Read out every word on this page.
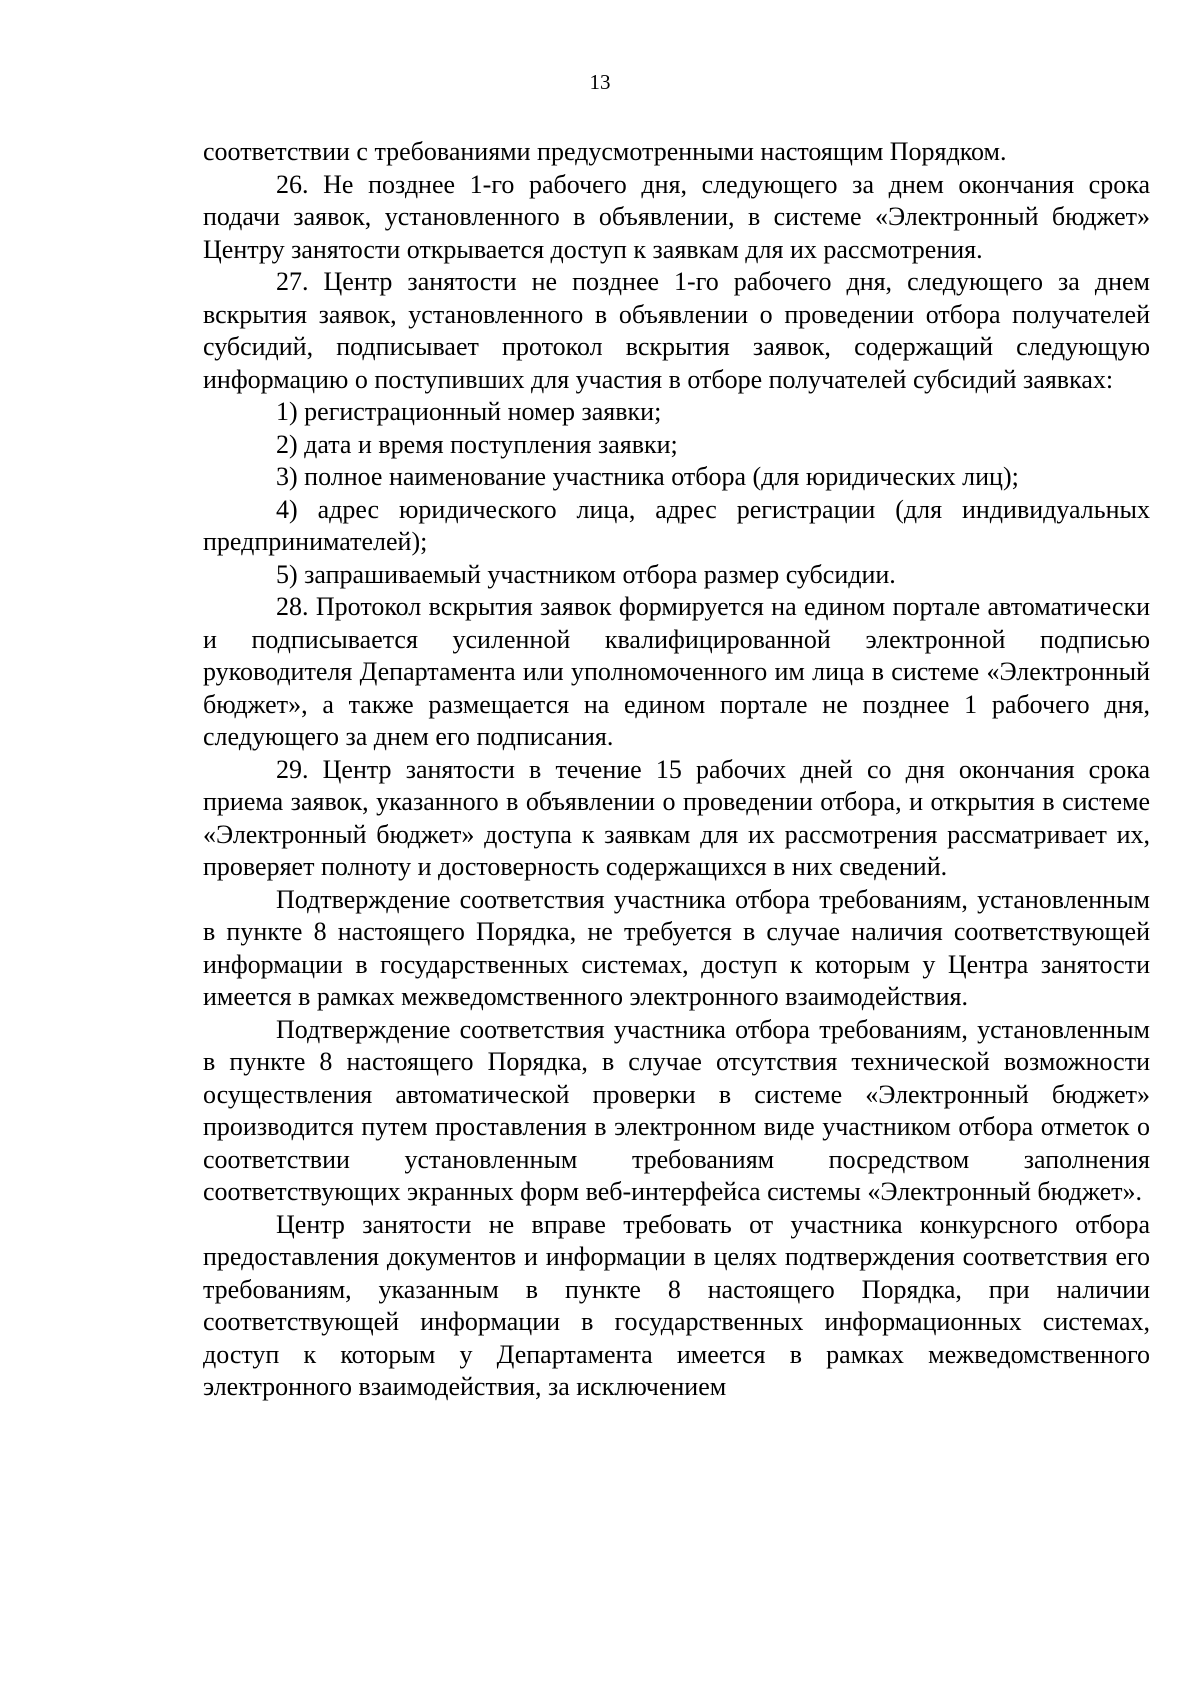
13

соответствии с требованиями предусмотренными настоящим Порядком.

26. Не позднее 1-го рабочего дня, следующего за днем окончания срока подачи заявок, установленного в объявлении, в системе «Электронный бюджет» Центру занятости открывается доступ к заявкам для их рассмотрения.

27. Центр занятости не позднее 1-го рабочего дня, следующего за днем вскрытия заявок, установленного в объявлении о проведении отбора получателей субсидий, подписывает протокол вскрытия заявок, содержащий следующую информацию о поступивших для участия в отборе получателей субсидий заявках:

1) регистрационный номер заявки;

2) дата и время поступления заявки;

3) полное наименование участника отбора (для юридических лиц);

4) адрес юридического лица, адрес регистрации (для индивидуальных предпринимателей);

5) запрашиваемый участником отбора размер субсидии.

28. Протокол вскрытия заявок формируется на едином портале автоматически и подписывается усиленной квалифицированной электронной подписью руководителя Департамента или уполномоченного им лица в системе «Электронный бюджет», а также размещается на едином портале не позднее 1 рабочего дня, следующего за днем его подписания.

29. Центр занятости в течение 15 рабочих дней со дня окончания срока приема заявок, указанного в объявлении о проведении отбора, и открытия в системе «Электронный бюджет» доступа к заявкам для их рассмотрения рассматривает их, проверяет полноту и достоверность содержащихся в них сведений.

Подтверждение соответствия участника отбора требованиям, установленным в пункте 8 настоящего Порядка, не требуется в случае наличия соответствующей информации в государственных системах, доступ к которым у Центра занятости имеется в рамках межведомственного электронного взаимодействия.

Подтверждение соответствия участника отбора требованиям, установленным в пункте 8 настоящего Порядка, в случае отсутствия технической возможности осуществления автоматической проверки в системе «Электронный бюджет» производится путем проставления в электронном виде участником отбора отметок о соответствии установленным требованиям посредством заполнения соответствующих экранных форм веб-интерфейса системы «Электронный бюджет».

Центр занятости не вправе требовать от участника конкурсного отбора предоставления документов и информации в целях подтверждения соответствия его требованиям, указанным в пункте 8 настоящего Порядка, при наличии соответствующей информации в государственных информационных системах, доступ к которым у Департамента имеется в рамках межведомственного электронного взаимодействия, за исключением
